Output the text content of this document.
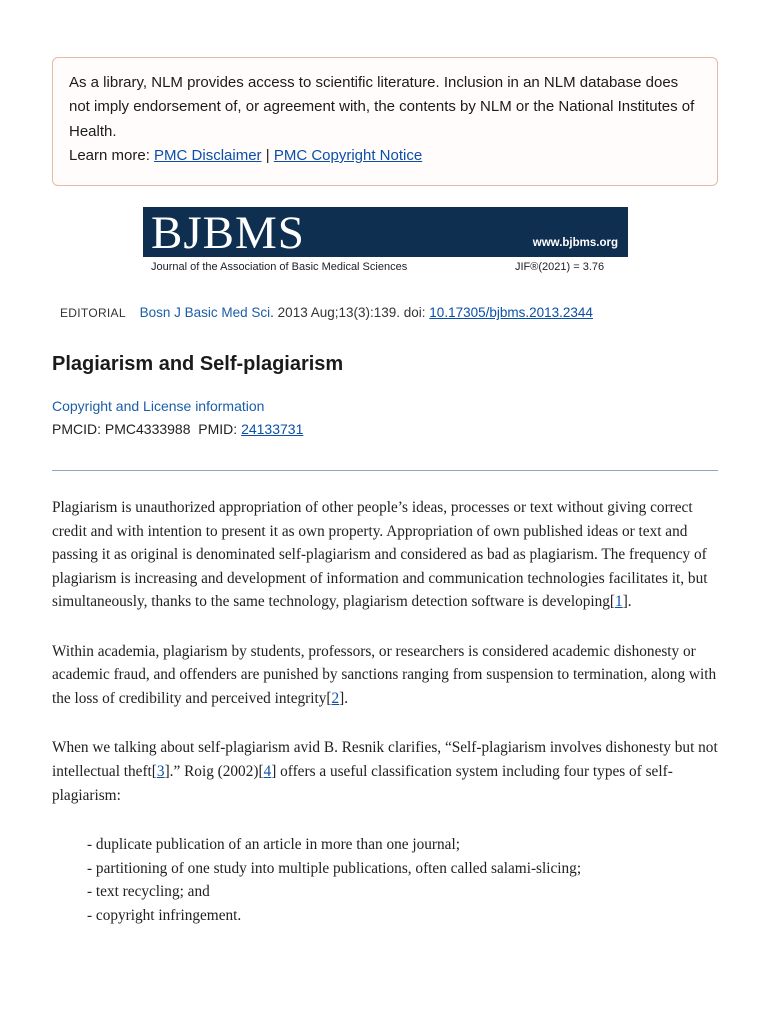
As a library, NLM provides access to scientific literature. Inclusion in an NLM database does not imply endorsement of, or agreement with, the contents by NLM or the National Institutes of Health.
Learn more: PMC Disclaimer | PMC Copyright Notice
BJBMS	www.bjbms.org
Journal of the Association of Basic Medical Sciences	JIF®(2021) = 3.76
EDITORIAL Bosn J Basic Med Sci. 2013 Aug;13(3):139. doi: 10.17305/bjbms.2013.2344
Plagiarism and Self-plagiarism
Copyright and License information
PMCID: PMC4333988  PMID: 24133731

Plagiarism is unauthorized appropriation of other people’s ideas, processes or text without giving correct credit and with intention to present it as own property. Appropriation of own published ideas or text and passing it as original is denominated self-plagiarism and considered as bad as plagiarism. The frequency of plagiarism is increasing and development of information and communication technologies facilitates it, but simultaneously, thanks to the same technology, plagiarism detection software is developing[1].

Within academia, plagiarism by students, professors, or researchers is considered academic dishonesty or academic fraud, and offenders are punished by sanctions ranging from suspension to termination, along with the loss of credibility and perceived integrity[2].

When we talking about self-plagiarism avid B. Resnik clarifies, “Self-plagiarism involves dishonesty but not intellectual theft[3].” Roig (2002)[4] offers a useful classification system including four types of self-plagiarism:

- duplicate publication of an article in more than one journal;
- partitioning of one study into multiple publications, often called salami-slicing;
- text recycling; and
- copyright infringement.
